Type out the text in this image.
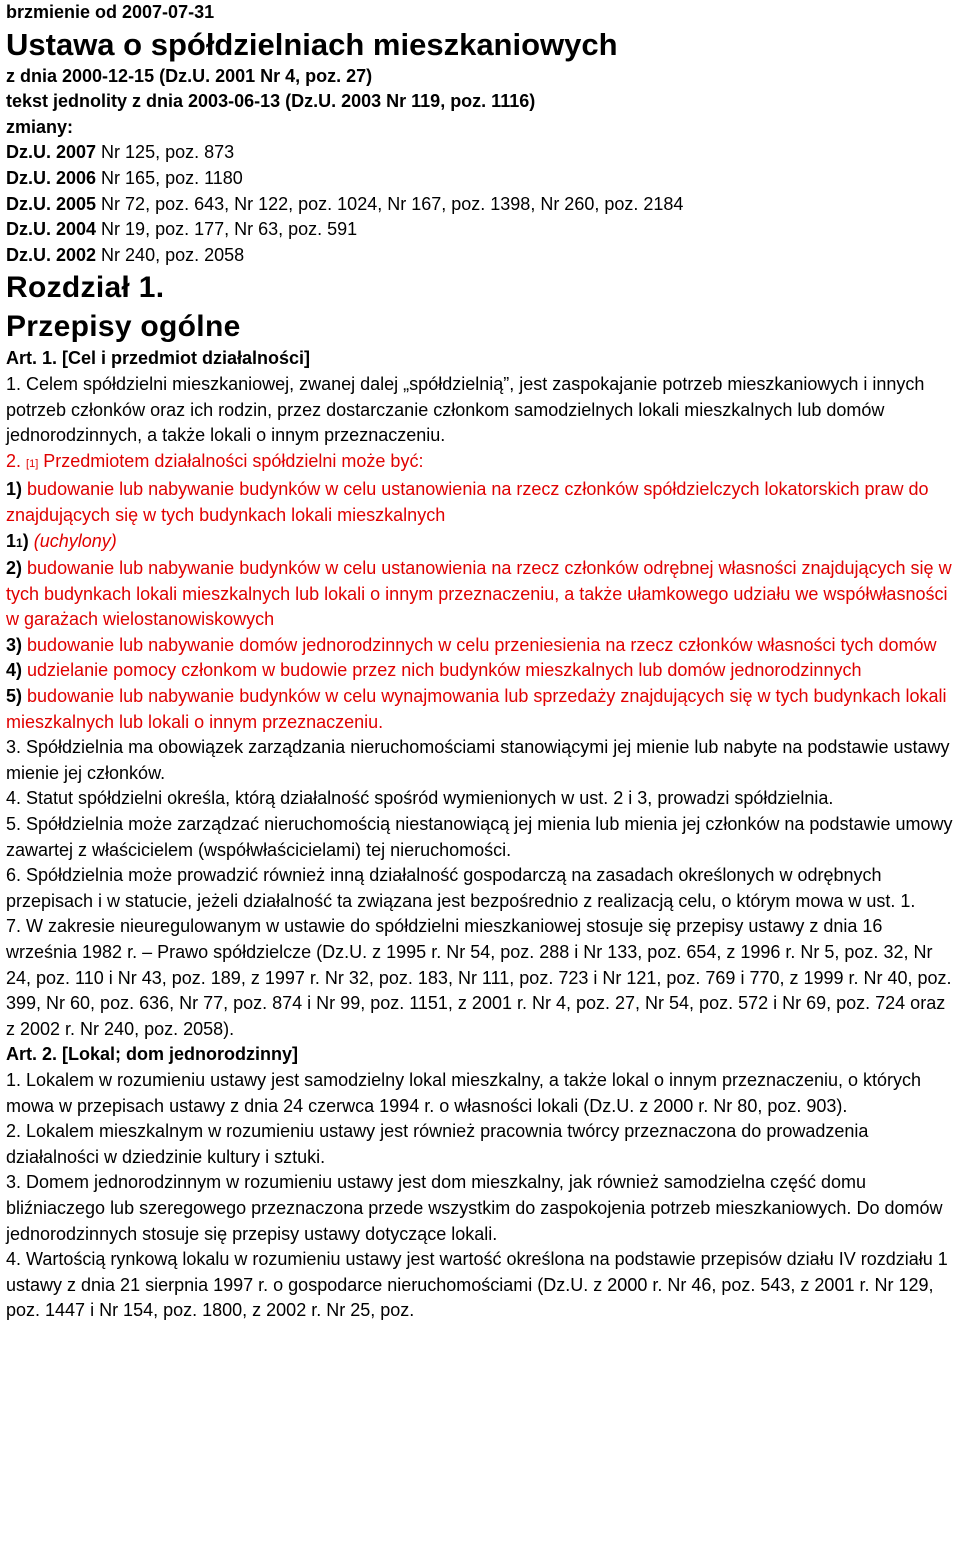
brzmienie od 2007-07-31
Ustawa o spółdzielniach mieszkaniowych
z dnia 2000-12-15 (Dz.U. 2001 Nr 4, poz. 27)
tekst jednolity z dnia 2003-06-13 (Dz.U. 2003 Nr 119, poz. 1116)
zmiany:
Dz.U. 2007 Nr 125, poz. 873
Dz.U. 2006 Nr 165, poz. 1180
Dz.U. 2005 Nr 72, poz. 643, Nr 122, poz. 1024, Nr 167, poz. 1398, Nr 260, poz. 2184
Dz.U. 2004 Nr 19, poz. 177, Nr 63, poz. 591
Dz.U. 2002 Nr 240, poz. 2058
Rozdział 1.
Przepisy ogólne
Art. 1. [Cel i przedmiot działalności]
1. Celem spółdzielni mieszkaniowej, zwanej dalej „spółdzielnią”, jest zaspokajanie potrzeb mieszkaniowych i innych potrzeb członków oraz ich rodzin, przez dostarczanie członkom samodzielnych lokali mieszkalnych lub domów jednorodzinnych, a także lokali o innym przeznaczeniu.
2. [1] Przedmiotem działalności spółdzielni może być:
1) budowanie lub nabywanie budynków w celu ustanowienia na rzecz członków spółdzielczych lokatorskich praw do znajdujących się w tych budynkach lokali mieszkalnych
11) (uchylony)
2) budowanie lub nabywanie budynków w celu ustanowienia na rzecz członków odrębnej własności znajdujących się w tych budynkach lokali mieszkalnych lub lokali o innym przeznaczeniu, a także ułamkowego udziału we współwłasności w garażach wielostanowiskowych
3) budowanie lub nabywanie domów jednorodzinnych w celu przeniesienia na rzecz członków własności tych domów
4) udzielanie pomocy członkom w budowie przez nich budynków mieszkalnych lub domów jednorodzinnych
5) budowanie lub nabywanie budynków w celu wynajmowania lub sprzedaży znajdujących się w tych budynkach lokali mieszkalnych lub lokali o innym przeznaczeniu.
3. Spółdzielnia ma obowiązek zarządzania nieruchomościami stanowiącymi jej mienie lub nabyte na podstawie ustawy mienie jej członków.
4. Statut spółdzielni określa, którą działalność spośród wymienionych w ust. 2 i 3, prowadzi spółdzielnia.
5. Spółdzielnia może zarządzać nieruchomością niestanowiącą jej mienia lub mienia jej członków na podstawie umowy zawartej z właścicielem (współwłaścicielami) tej nieruchomości.
6. Spółdzielnia może prowadzić również inną działalność gospodarczą na zasadach określonych w odrębnych przepisach i w statucie, jeżeli działalność ta związana jest bezpośrednio z realizacją celu, o którym mowa w ust. 1.
7. W zakresie nieuregulowanym w ustawie do spółdzielni mieszkaniowej stosuje się przepisy ustawy z dnia 16 września 1982 r. – Prawo spółdzielcze (Dz.U. z 1995 r. Nr 54, poz. 288 i Nr 133, poz. 654, z 1996 r. Nr 5, poz. 32, Nr 24, poz. 110 i Nr 43, poz. 189, z 1997 r. Nr 32, poz. 183, Nr 111, poz. 723 i Nr 121, poz. 769 i 770, z 1999 r. Nr 40, poz. 399, Nr 60, poz. 636, Nr 77, poz. 874 i Nr 99, poz. 1151, z 2001 r. Nr 4, poz. 27, Nr 54, poz. 572 i Nr 69, poz. 724 oraz z 2002 r. Nr 240, poz. 2058).
Art. 2. [Lokal; dom jednorodzinny]
1. Lokalem w rozumieniu ustawy jest samodzielny lokal mieszkalny, a także lokal o innym przeznaczeniu, o których mowa w przepisach ustawy z dnia 24 czerwca 1994 r. o własności lokali (Dz.U. z 2000 r. Nr 80, poz. 903).
2. Lokalem mieszkalnym w rozumieniu ustawy jest również pracownia twórcy przeznaczona do prowadzenia działalności w dziedzinie kultury i sztuki.
3. Domem jednorodzinnym w rozumieniu ustawy jest dom mieszkalny, jak również samodzielna część domu bliźniaczego lub szeregowego przeznaczona przede wszystkim do zaspokojenia potrzeb mieszkaniowych. Do domów jednorodzinnych stosuje się przepisy ustawy dotyczące lokali.
4. Wartością rynkową lokalu w rozumieniu ustawy jest wartość określona na podstawie przepisów działu IV rozdziału 1 ustawy z dnia 21 sierpnia 1997 r. o gospodarce nieruchomościami (Dz.U. z 2000 r. Nr 46, poz. 543, z 2001 r. Nr 129, poz. 1447 i Nr 154, poz. 1800, z 2002 r. Nr 25, poz.
